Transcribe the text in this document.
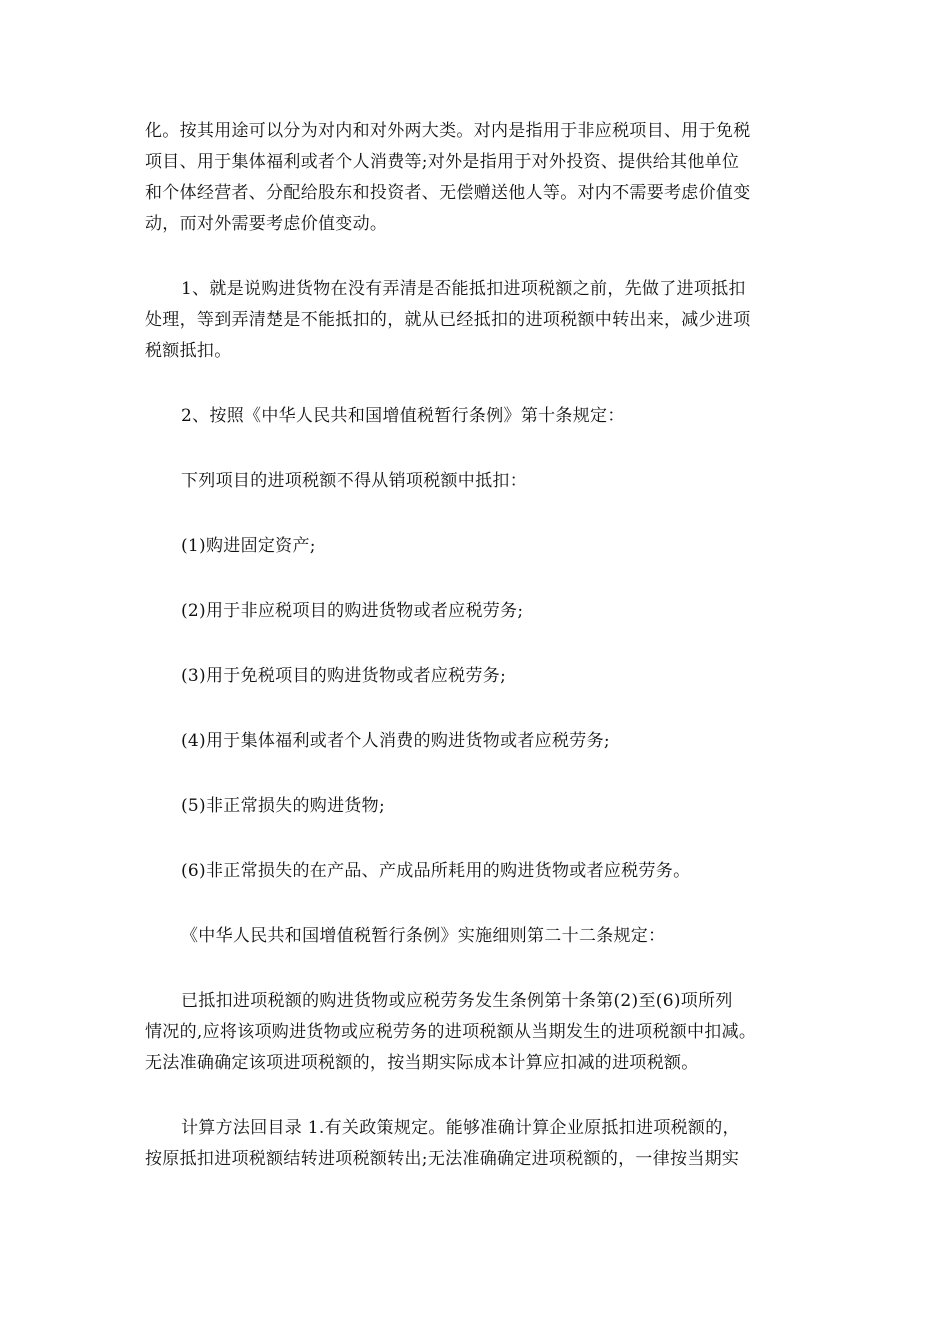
化。按其用途可以分为对内和对外两大类。对内是指用于非应税项目、用于免税
项目、用于集体福利或者个人消费等;对外是指用于对外投资、提供给其他单位
和个体经营者、分配给股东和投资者、无偿赠送他人等。对内不需要考虑价值变
动，而对外需要考虑价值变动。
1、就是说购进货物在没有弄清是否能抵扣进项税额之前，先做了进项抵扣
处理，等到弄清楚是不能抵扣的，就从已经抵扣的进项税额中转出来，减少进项
税额抵扣。
2、按照《中华人民共和国增值税暂行条例》第十条规定：
下列项目的进项税额不得从销项税额中抵扣：
(1)购进固定资产;
(2)用于非应税项目的购进货物或者应税劳务;
(3)用于免税项目的购进货物或者应税劳务;
(4)用于集体福利或者个人消费的购进货物或者应税劳务;
(5)非正常损失的购进货物;
(6)非正常损失的在产品、产成品所耗用的购进货物或者应税劳务。
《中华人民共和国增值税暂行条例》实施细则第二十二条规定：
已抵扣进项税额的购进货物或应税劳务发生条例第十条第(2)至(6)项所列
情况的,应将该项购进货物或应税劳务的进项税额从当期发生的进项税额中扣减。
无法准确确定该项进项税额的，按当期实际成本计算应扣减的进项税额。
计算方法回目录 1.有关政策规定。能够准确计算企业原抵扣进项税额的，
按原抵扣进项税额结转进项税额转出;无法准确确定进项税额的，一律按当期实
